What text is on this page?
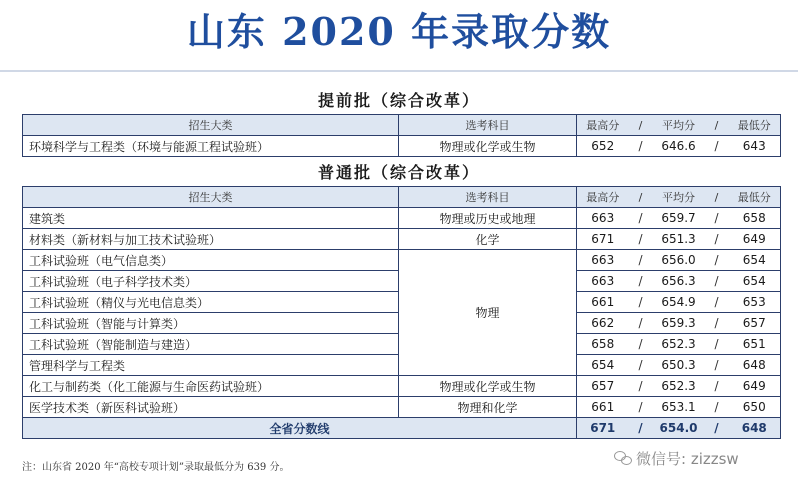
山东 2020 年录取分数
提前批（综合改革）
招生大类	选考科目	最高分	/	平均分	/	最低分
环境科学与工程类（环境与能源工程试验班）	物理或化学或生物	652	/	646.6	/	643
普通批（综合改革）
招生大类	选考科目	最高分	/	平均分	/	最低分
建筑类	物理或历史或地理	663	/	659.7	/	658
材料类（新材料与加工技术试验班）	化学	671	/	651.3	/	649
工科试验班（电气信息类）	物理	663	/	656.0	/	654
工科试验班（电子科学技术类）		663	/	656.3	/	654
工科试验班（精仪与光电信息类）		661	/	654.9	/	653
工科试验班（智能与计算类）		662	/	659.3	/	657
工科试验班（智能制造与建造）		658	/	652.3	/	651
管理科学与工程类		654	/	650.3	/	648
化工与制药类（化工能源与生命医药试验班）	物理或化学或生物	657	/	652.3	/	649
医学技术类（新医科试验班）	物理和化学	661	/	653.1	/	650
全省分数线		671	/	654.0	/	648
注：山东省 2020 年“高校专项计划”录取最低分为 639 分。	微信号: zizzsw
